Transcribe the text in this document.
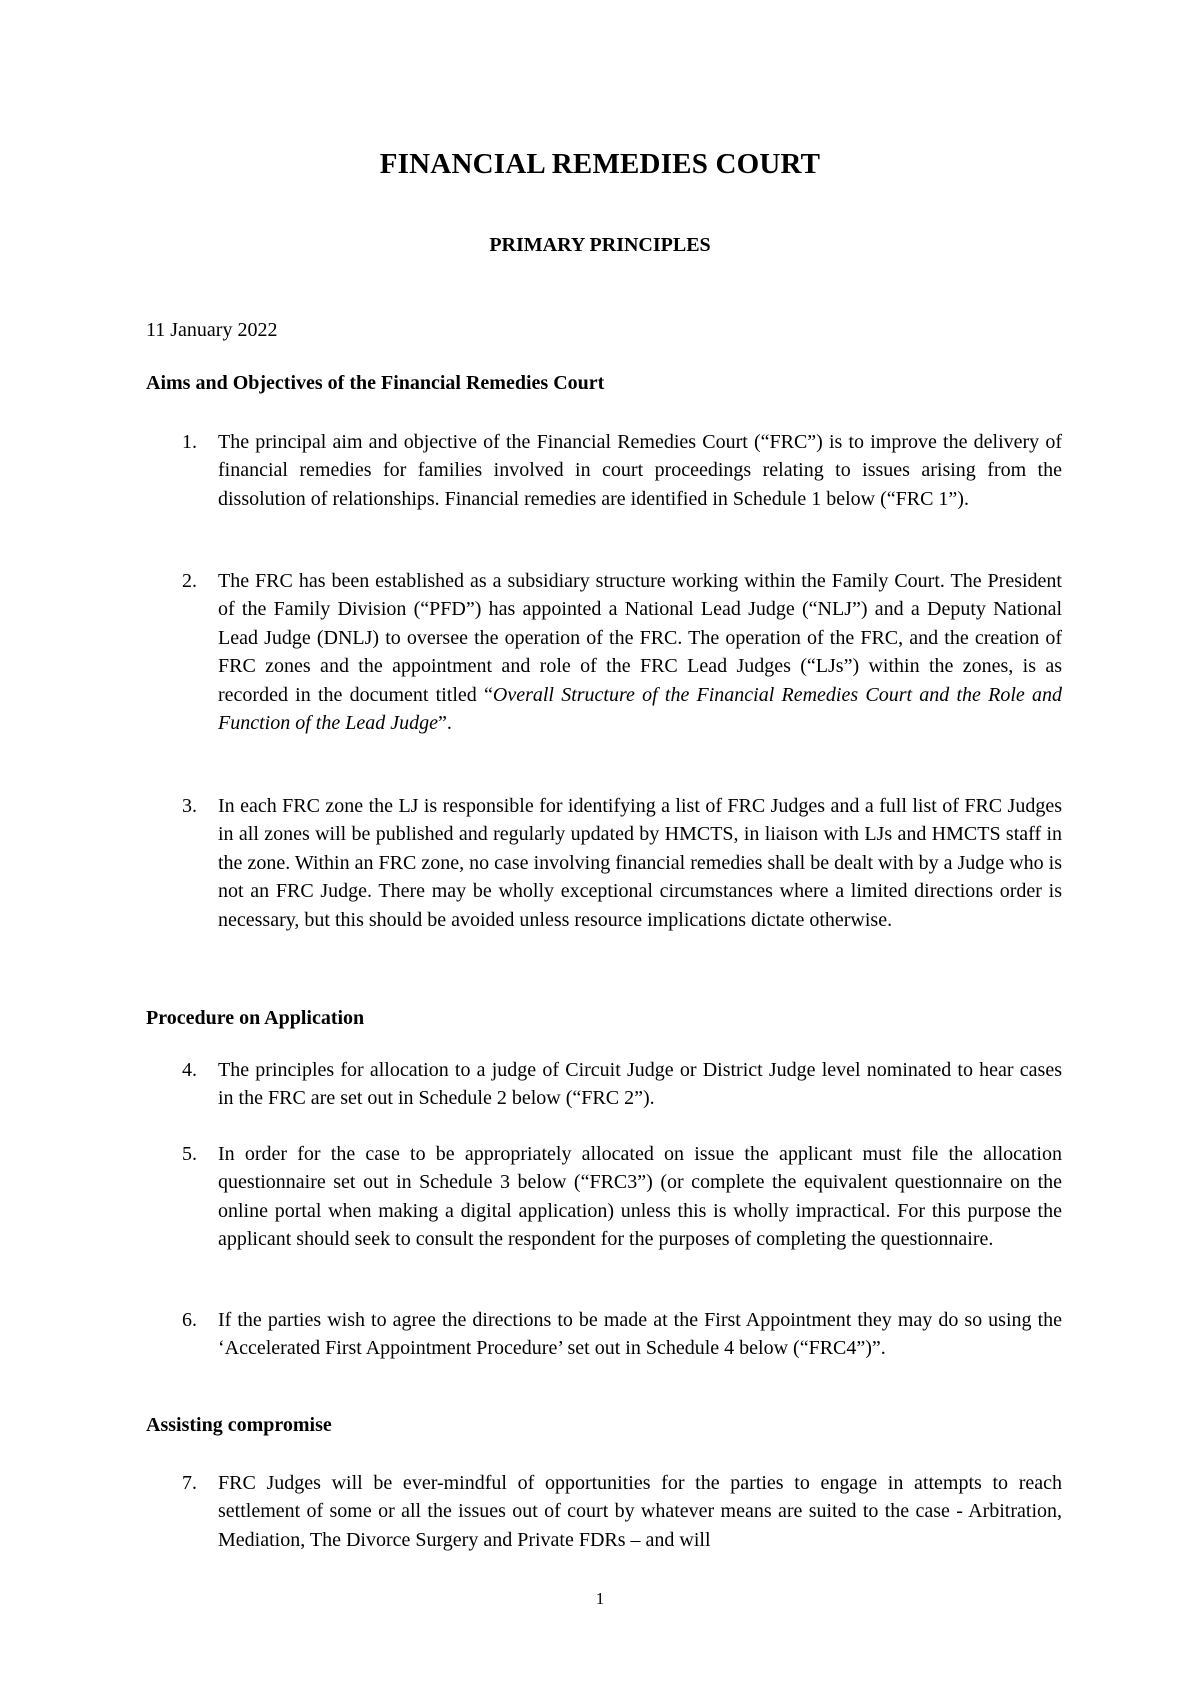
FINANCIAL REMEDIES COURT
PRIMARY PRINCIPLES
11 January 2022
Aims and Objectives of the Financial Remedies Court
1. The principal aim and objective of the Financial Remedies Court (“FRC”) is to improve the delivery of financial remedies for families involved in court proceedings relating to issues arising from the dissolution of relationships. Financial remedies are identified in Schedule 1 below (“FRC 1”).
2. The FRC has been established as a subsidiary structure working within the Family Court. The President of the Family Division (“PFD”) has appointed a National Lead Judge (“NLJ”) and a Deputy National Lead Judge (DNLJ) to oversee the operation of the FRC. The operation of the FRC, and the creation of FRC zones and the appointment and role of the FRC Lead Judges (“LJs”) within the zones, is as recorded in the document titled “Overall Structure of the Financial Remedies Court and the Role and Function of the Lead Judge”.
3. In each FRC zone the LJ is responsible for identifying a list of FRC Judges and a full list of FRC Judges in all zones will be published and regularly updated by HMCTS, in liaison with LJs and HMCTS staff in the zone. Within an FRC zone, no case involving financial remedies shall be dealt with by a Judge who is not an FRC Judge. There may be wholly exceptional circumstances where a limited directions order is necessary, but this should be avoided unless resource implications dictate otherwise.
Procedure on Application
4. The principles for allocation to a judge of Circuit Judge or District Judge level nominated to hear cases in the FRC are set out in Schedule 2 below (“FRC 2”).
5. In order for the case to be appropriately allocated on issue the applicant must file the allocation questionnaire set out in Schedule 3 below (“FRC3”) (or complete the equivalent questionnaire on the online portal when making a digital application) unless this is wholly impractical. For this purpose the applicant should seek to consult the respondent for the purposes of completing the questionnaire.
6. If the parties wish to agree the directions to be made at the First Appointment they may do so using the ‘Accelerated First Appointment Procedure’ set out in Schedule 4 below (“FRC4”)”.
Assisting compromise
7. FRC Judges will be ever-mindful of opportunities for the parties to engage in attempts to reach settlement of some or all the issues out of court by whatever means are suited to the case - Arbitration, Mediation, The Divorce Surgery and Private FDRs – and will
1
